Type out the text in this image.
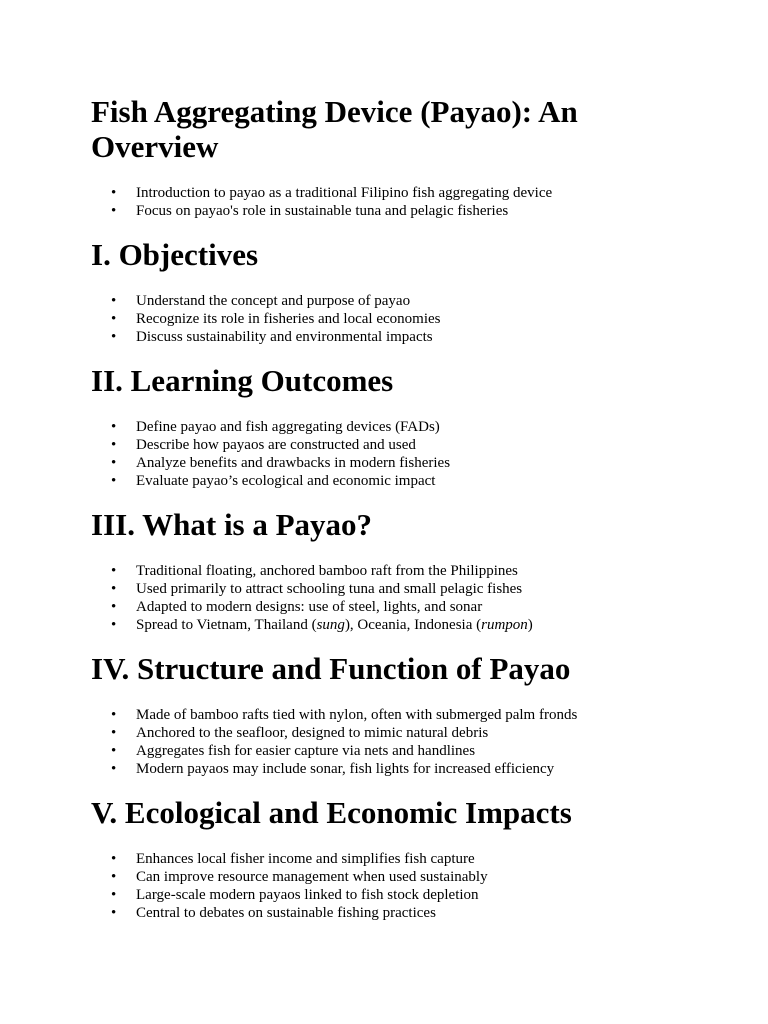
Fish Aggregating Device (Payao): An Overview
• Introduction to payao as a traditional Filipino fish aggregating device
• Focus on payao's role in sustainable tuna and pelagic fisheries
I. Objectives
• Understand the concept and purpose of payao
• Recognize its role in fisheries and local economies
• Discuss sustainability and environmental impacts
II. Learning Outcomes
• Define payao and fish aggregating devices (FADs)
• Describe how payaos are constructed and used
• Analyze benefits and drawbacks in modern fisheries
• Evaluate payao’s ecological and economic impact
III. What is a Payao?
• Traditional floating, anchored bamboo raft from the Philippines
• Used primarily to attract schooling tuna and small pelagic fishes
• Adapted to modern designs: use of steel, lights, and sonar
• Spread to Vietnam, Thailand (sung), Oceania, Indonesia (rumpon)
IV. Structure and Function of Payao
• Made of bamboo rafts tied with nylon, often with submerged palm fronds
• Anchored to the seafloor, designed to mimic natural debris
• Aggregates fish for easier capture via nets and handlines
• Modern payaos may include sonar, fish lights for increased efficiency
V. Ecological and Economic Impacts
• Enhances local fisher income and simplifies fish capture
• Can improve resource management when used sustainably
• Large-scale modern payaos linked to fish stock depletion
• Central to debates on sustainable fishing practices
